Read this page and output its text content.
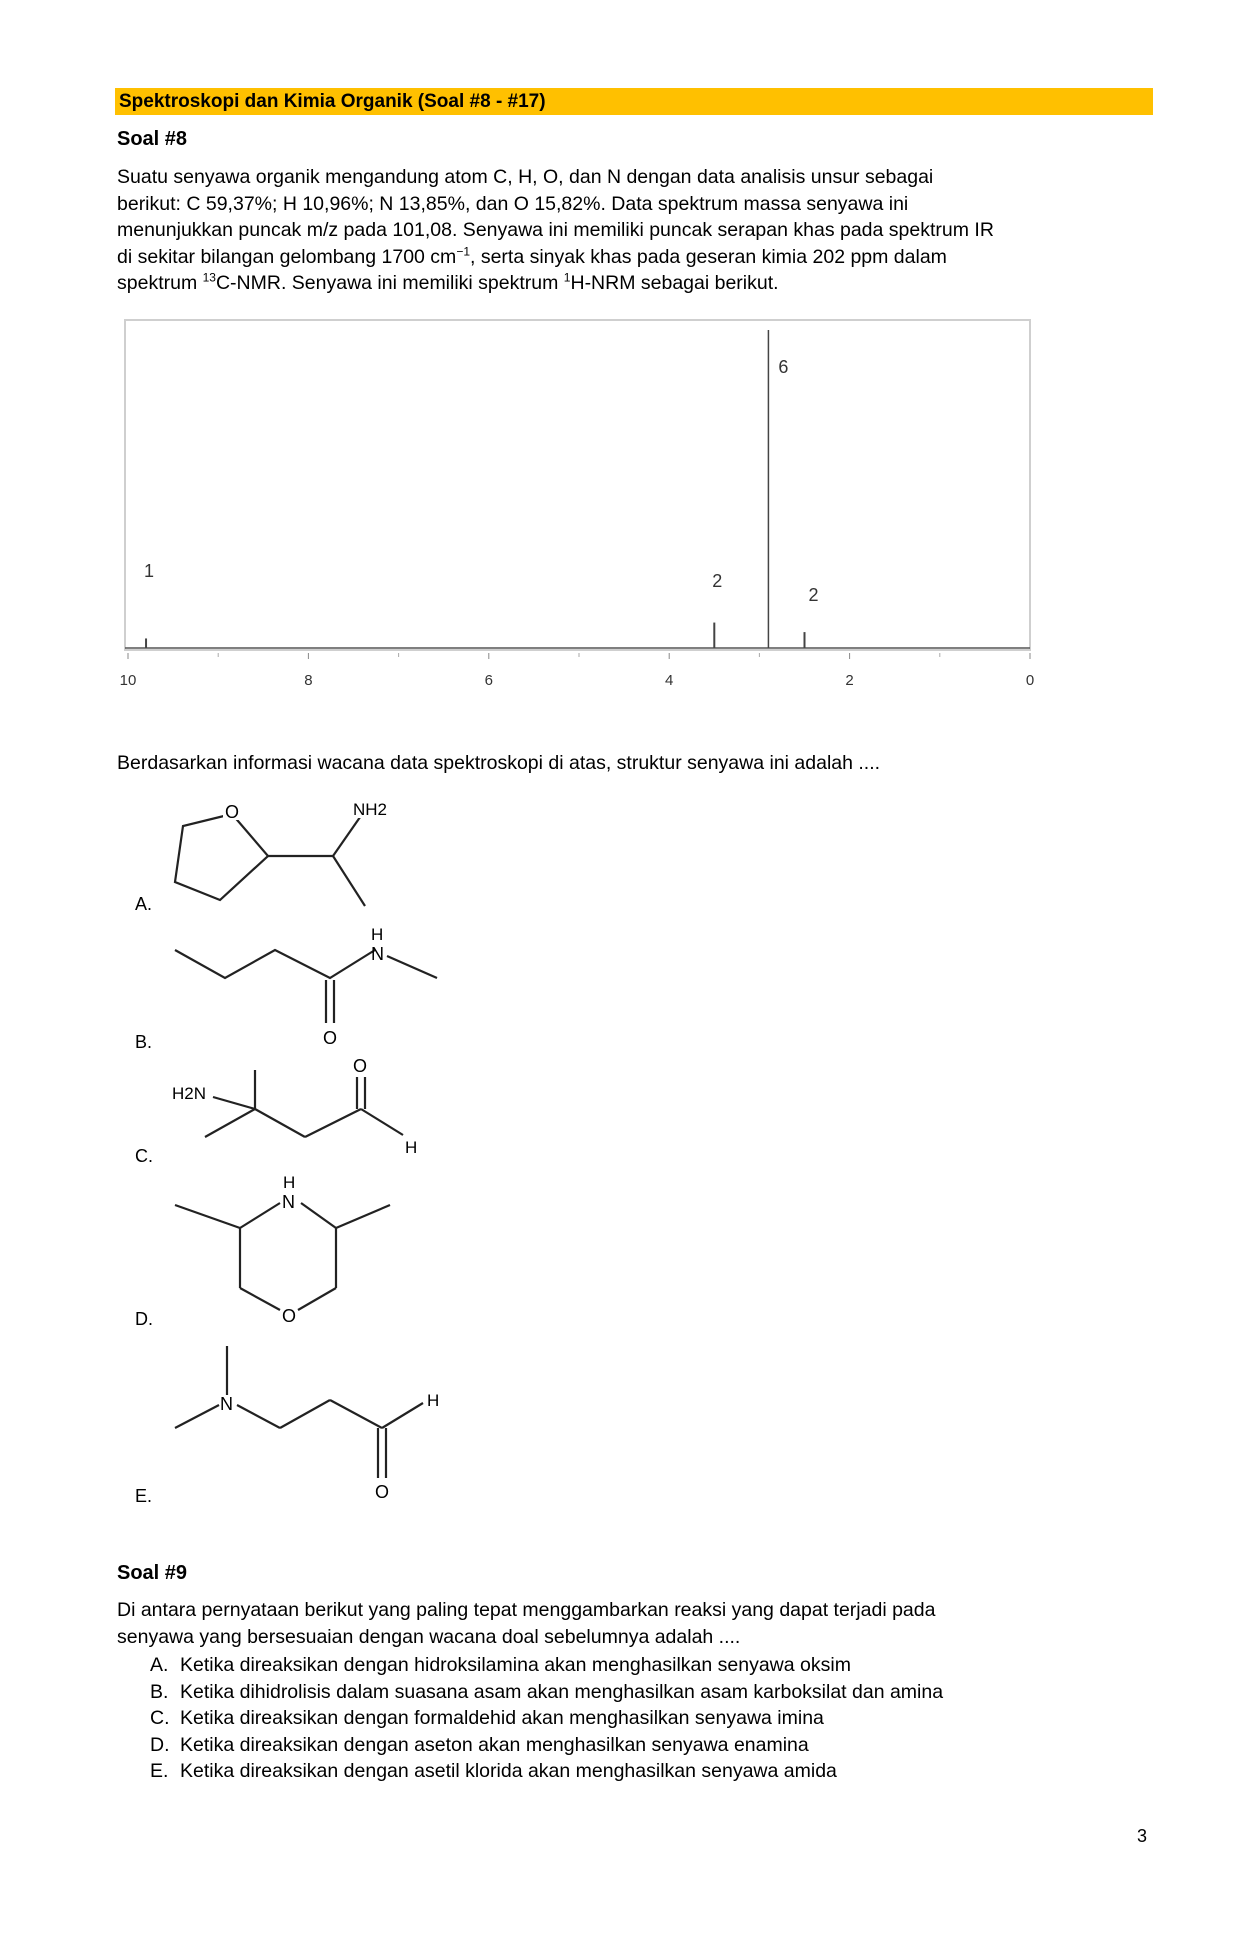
Spektroskopi dan Kimia Organik (Soal #8 - #17)
Soal #8
Suatu senyawa organik mengandung atom C, H, O, dan N dengan data analisis unsur sebagai
berikut: C 59,37%; H 10,96%; N 13,85%, dan O 15,82%. Data spektrum massa senyawa ini
menunjukkan puncak m/z pada 101,08. Senyawa ini memiliki puncak serapan khas pada spektrum IR
di sekitar bilangan gelombang 1700 $cm^{-1}$, serta sinyak khas pada geseran kimia 202 ppm dalam
spektrum $^{13}$C-NMR. Senyawa ini memiliki spektrum $^1$H-NRM sebagai berikut.
1	2
6
2
10	8	6	4	2	0
Berdasarkan informasi wacana data spektroskopi di atas, struktur senyawa ini adalah ....
O	NH2
A.
H
N
O
B.
O
H2N
H
C.
H
N
O
D.
N	H
O
E.
Soal #9
Di antara pernyataan berikut yang paling tepat menggambarkan reaksi yang dapat terjadi pada
senyawa yang bersesuaian dengan wacana doal sebelumnya adalah ....
A. Ketika direaksikan dengan hidroksilamina akan menghasilkan senyawa oksim
B. Ketika dihidrolisis dalam suasana asam akan menghasilkan asam karboksilat dan amina
C. Ketika direaksikan dengan formaldehid akan menghasilkan senyawa imina
D. Ketika direaksikan dengan aseton akan menghasilkan senyawa enamina
E. Ketika direaksikan dengan asetil klorida akan menghasilkan senyawa amida
3
